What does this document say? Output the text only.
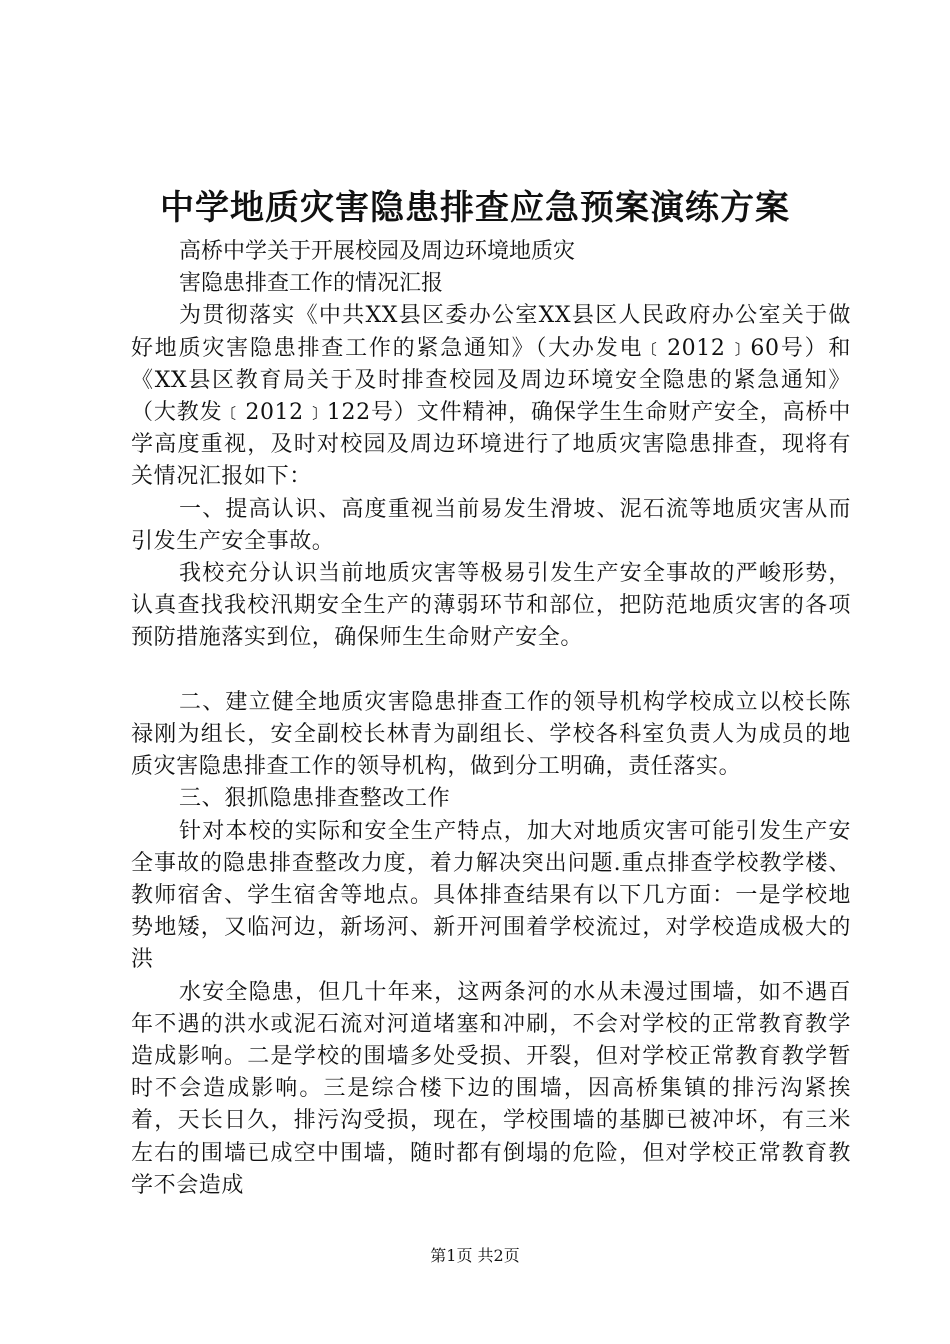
中学地质灾害隐患排查应急预案演练方案
高桥中学关于开展校园及周边环境地质灾
害隐患排查工作的情况汇报

为贯彻落实《中共XX县区委办公室XX县区人民政府办公室关于做好地质灾害隐患排查工作的紧急通知》（大办发电﹝2012﹞60号）和《XX县区教育局关于及时排查校园及周边环境安全隐患的紧急通知》（大教发﹝2012﹞122号）文件精神，确保学生生命财产安全，高桥中学高度重视，及时对校园及周边环境进行了地质灾害隐患排查，现将有关情况汇报如下：

一、提高认识、高度重视当前易发生滑坡、泥石流等地质灾害从而引发生产安全事故。

我校充分认识当前地质灾害等极易引发生产安全事故的严峻形势，认真查找我校汛期安全生产的薄弱环节和部位，把防范地质灾害的各项预防措施落实到位，确保师生生命财产安全。

二、建立健全地质灾害隐患排查工作的领导机构学校成立以校长陈禄刚为组长，安全副校长林青为副组长、学校各科室负责人为成员的地质灾害隐患排查工作的领导机构，做到分工明确，责任落实。

三、狠抓隐患排查整改工作

针对本校的实际和安全生产特点，加大对地质灾害可能引发生产安全事故的隐患排查整改力度，着力解决突出问题.重点排查学校教学楼、教师宿舍、学生宿舍等地点。具体排查结果有以下几方面：一是学校地势地矮，又临河边，新场河、新开河围着学校流过，对学校造成极大的洪

水安全隐患，但几十年来，这两条河的水从未漫过围墙，如不遇百年不遇的洪水或泥石流对河道堵塞和冲刷，不会对学校的正常教育教学造成影响。二是学校的围墙多处受损、开裂，但对学校正常教育教学暂时不会造成影响。三是综合楼下边的围墙，因高桥集镇的排污沟紧挨着，天长日久，排污沟受损，现在，学校围墙的基脚已被冲坏，有三米左右的围墙已成空中围墙，随时都有倒塌的危险，但对学校正常教育教学不会造成

第1页 共2页
